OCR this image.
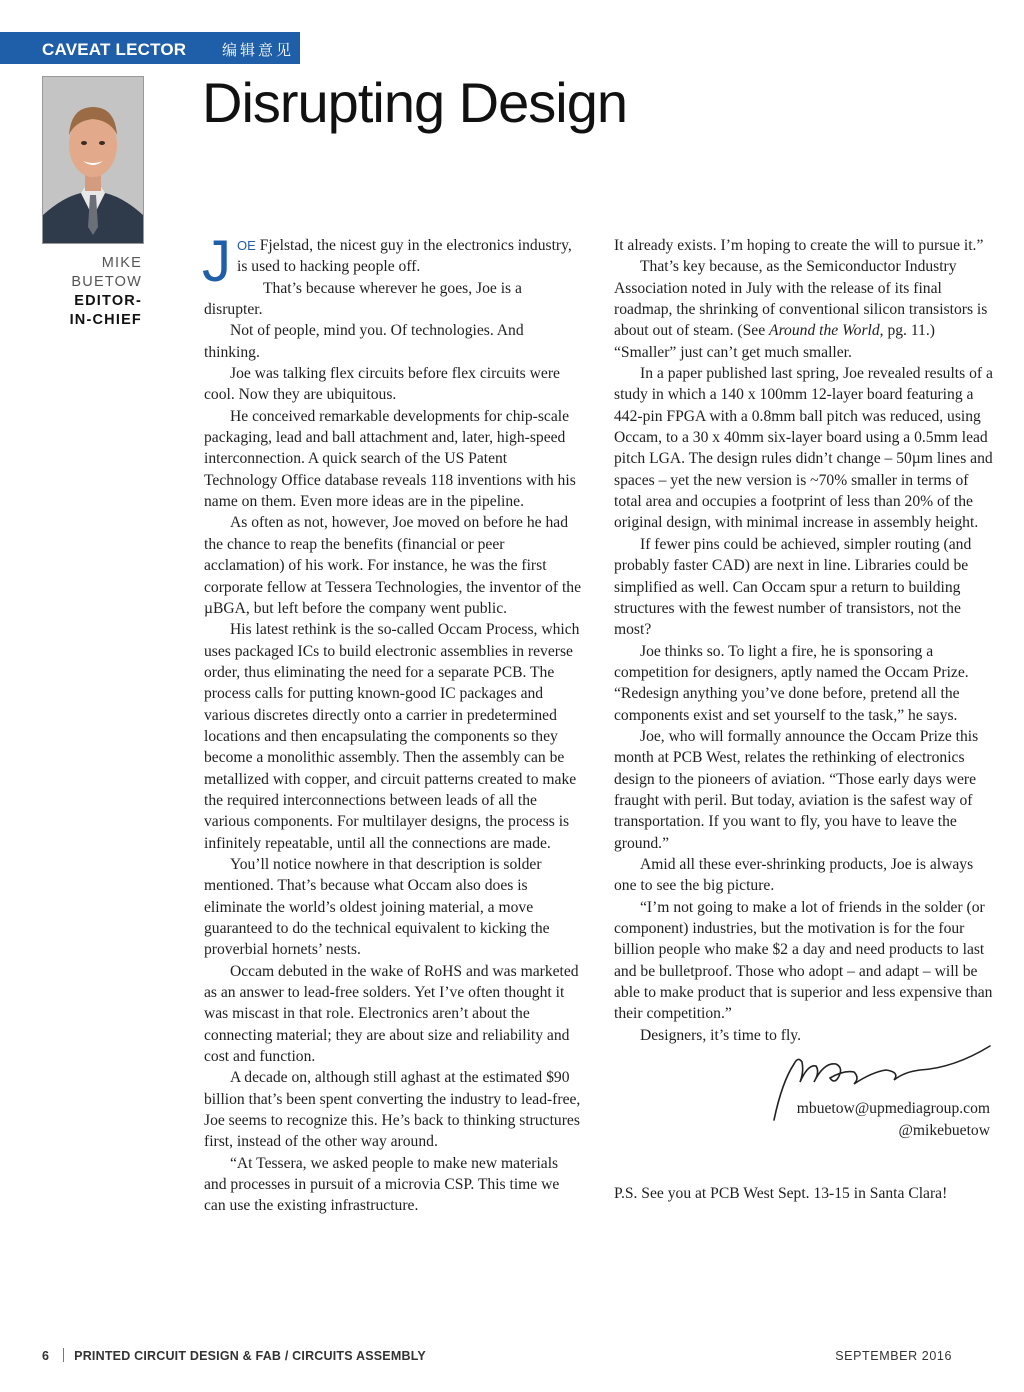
CAVEAT LECTOR 编辑意见
Disrupting Design
MIKE
BUETOW
EDITOR-
IN-CHIEF

JOE Fjelstad, the nicest guy in the electronics industry, is used to hacking people off.

That’s because wherever he goes, Joe is a disrupter.

Not of people, mind you. Of technologies. And thinking.

Joe was talking flex circuits before flex circuits were cool. Now they are ubiquitous.

He conceived remarkable developments for chip-scale packaging, lead and ball attachment and, later, high-speed interconnection. A quick search of the US Patent Technology Office database reveals 118 inventions with his name on them. Even more ideas are in the pipeline.

As often as not, however, Joe moved on before he had the chance to reap the benefits (financial or peer acclamation) of his work. For instance, he was the first corporate fellow at Tessera Technologies, the inventor of the µBGA, but left before the company went public.

His latest rethink is the so-called Occam Process, which uses packaged ICs to build electronic assemblies in reverse order, thus eliminating the need for a separate PCB. The process calls for putting known-good IC packages and various discretes directly onto a carrier in predetermined locations and then encapsulating the components so they become a monolithic assembly. Then the assembly can be metallized with copper, and circuit patterns created to make the required interconnections between leads of all the various components. For multilayer designs, the process is infinitely repeatable, until all the connections are made.

You’ll notice nowhere in that description is solder mentioned. That’s because what Occam also does is eliminate the world’s oldest joining material, a move guaranteed to do the technical equivalent to kicking the proverbial hornets’ nests.

Occam debuted in the wake of RoHS and was marketed as an answer to lead-free solders. Yet I’ve often thought it was miscast in that role. Electronics aren’t about the connecting material; they are about size and reliability and cost and function.

A decade on, although still aghast at the estimated $90 billion that’s been spent converting the industry to lead-free, Joe seems to recognize this. He’s back to thinking structures first, instead of the other way around.

“At Tessera, we asked people to make new materials and processes in pursuit of a microvia CSP. This time we can use the existing infrastructure.

It already exists. I’m hoping to create the will to pursue it.”

That’s key because, as the Semiconductor Industry Association noted in July with the release of its final roadmap, the shrinking of conventional silicon transistors is about out of steam. (See Around the World, pg. 11.) “Smaller” just can’t get much smaller.

In a paper published last spring, Joe revealed results of a study in which a 140 x 100mm 12-layer board featuring a 442-pin FPGA with a 0.8mm ball pitch was reduced, using Occam, to a 30 x 40mm six-layer board using a 0.5mm lead pitch LGA. The design rules didn’t change – 50µm lines and spaces – yet the new version is ~70% smaller in terms of total area and occupies a footprint of less than 20% of the original design, with minimal increase in assembly height.

If fewer pins could be achieved, simpler routing (and probably faster CAD) are next in line. Libraries could be simplified as well. Can Occam spur a return to building structures with the fewest number of transistors, not the most?

Joe thinks so. To light a fire, he is sponsoring a competition for designers, aptly named the Occam Prize. “Redesign anything you’ve done before, pretend all the components exist and set yourself to the task,” he says.

Joe, who will formally announce the Occam Prize this month at PCB West, relates the rethinking of electronics design to the pioneers of aviation. “Those early days were fraught with peril. But today, aviation is the safest way of transportation. If you want to fly, you have to leave the ground.”

Amid all these ever-shrinking products, Joe is always one to see the big picture.

“I’m not going to make a lot of friends in the solder (or component) industries, but the motivation is for the four billion people who make $2 a day and need products to last and be bulletproof. Those who adopt – and adapt – will be able to make product that is superior and less expensive than their competition.”

Designers, it’s time to fly.

mbuetow@upmediagroup.com
@mikebuetow

P.S. See you at PCB West Sept. 13-15 in Santa Clara!

6 PRINTED CIRCUIT DESIGN & FAB / CIRCUITS ASSEMBLY	SEPTEMBER 2016
